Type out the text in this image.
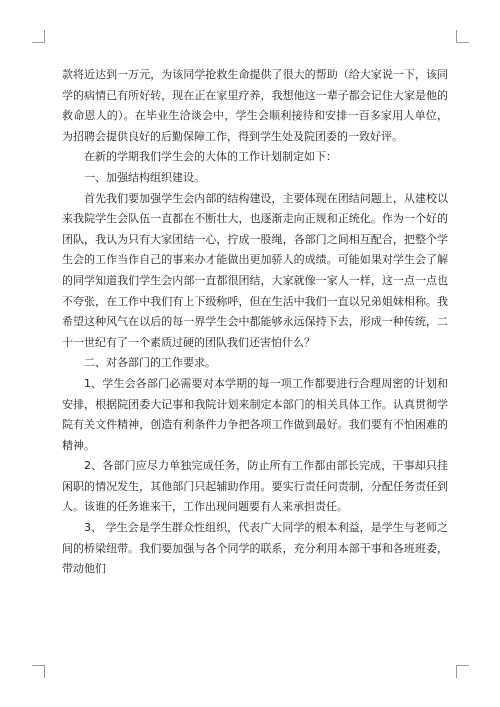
款将近达到一万元，为该同学抢救生命提供了很大的帮助（给大家说一下，该同学的病情已有所好转，现在正在家里疗养，我想他这一辈子都会记住大家是他的救命恩人的）。在毕业生洽谈会中，学生会顺利接待和安排一百多家用人单位，为招聘会提供良好的后勤保障工作，得到学生处及院团委的一致好评。

在新的学期我们学生会的大体的工作计划制定如下：

一、加强结构组织建设。

首先我们要加强学生会内部的结构建设，主要体现在团结问题上，从建校以来我院学生会队伍一直都在不断壮大，也逐渐走向正规和正统化。作为一个好的团队，我认为只有大家团结一心，拧成一股绳，各部门之间相互配合，把整个学生会的工作当作自己的事来办才能做出更加骄人的成绩。可能如果对学生会了解的同学知道我们学生会内部一直都很团结，大家就像一家人一样，这一点一点也不夸张，在工作中我们有上下级称呼，但在生活中我们一直以兄弟姐妹相称。我希望这种风气在以后的每一界学生会中都能够永远保持下去，形成一种传统，二十一世纪有了一个素质过硬的团队我们还害怕什么？

二、对各部门的工作要求。

1、学生会各部门必需要对本学期的每一项工作都要进行合理周密的计划和安排，根据院团委大记事和我院计划来制定本部门的相关具体工作。认真贯彻学院有关文件精神，创造有利条件力争把各项工作做到最好。我们要有不怕困难的精神。

2、各部门应尽力单独完成任务，防止所有工作都由部长完成，干事却只挂闲职的情况发生，其他部门只起辅助作用。要实行责任问责制，分配任务责任到人。该谁的任务谁来干，工作出现问题要有人来承担责任。

3、 学生会是学生群众性组织，代表广大同学的根本利益，是学生与老师之间的桥梁纽带。我们要加强与各个同学的联系，充分利用本部干事和各班班委，带动他们
